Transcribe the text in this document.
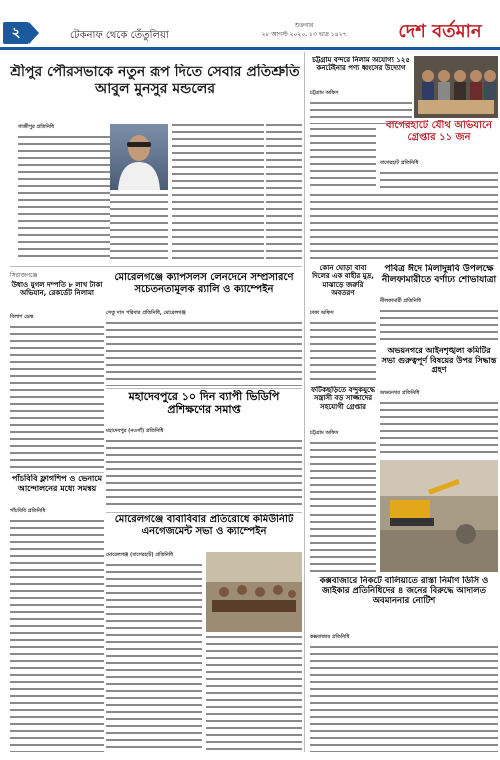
২	টেকনাফ থেকে তেঁতুলিয়া
শুক্রবার
২৮ আগস্ট ২০২০, ১৩ ভাদ্র ১৪২৭	দেশ বর্তমান
শ্রীপুর পৌরসভাকে নতুন রূপ দিতে সেবার প্রতিশ্রুতি আবুল মুনসুর মন্ডলের
গাজীপুর প্রতিনিধি
চট্টগ্রাম বন্দরে নিলাম অযোগ্য ১২৫ কনটেইনার পণ্য ধ্বংসের উদ্যোগ
চট্টগ্রাম অফিস
বাগেরহাটে যৌথ অভিযানে গ্রেপ্তার ১১ জন
বাগেরহাট প্রতিনিধি
সিরাজগঞ্জে
উধাও যুগল দম্পতি ৮ লাখ টাকা অভিযান, রেকর্ডেট নিলামা
বিলাশ ডেস্ক
মোরেলগঞ্জে ক্যাপসলস লেনদেনে সম্প্রসারণে সচেতনতামূলক র‌্যালি ও ক্যাম্পেইন
সেতু দাস পরিবার প্রতিনিধি, মোরেলগঞ্জ
কোন ঘোড়া বাবা দিলের এক বাহীর মুদ্র, মাঝাড়ে জরুরি অবতরণ
ঢাকা অফিস
পবিত্র ঈদে মিলাদুন্নবি উপলক্ষে নীলফামারীতে বর্ণাঢ্য শোভাযাত্রা
নীলফামারী প্রতিনিধি
মহাদেবপুরে ১০ দিন ব্যাপী ভিডিপি প্রশিক্ষণের সমাপ্ত
মহাদেবপুর (নওগাঁ) প্রতিনিধি
অভয়নগরে আইনশৃঙ্খলা কমিটির সভা গুরুত্বপূর্ণ বিষয়ের উপর সিদ্ধান্ত গ্রহণ
অভয়নগর প্রতিনিধি
ফটিকছড়িতে বন্দুকযুদ্ধে সন্ত্রাসী বড় সাজ্জাদের সহযোগী গ্রেপ্তার
চট্টগ্রাম অফিস
পাঁচবিবি ফ্লাগশিপ ও ভেনামে আন্দোলনের মধ্যে সমন্বয়
পাঁচবিবি প্রতিনিধি
মোরেলগঞ্জে বাবাবিবার প্রতিরোধে কমিউনিটি এনগেজমেন্ট সভা ও ক্যাম্পেইন
মোরেলগঞ্জ (বাগেরহাট) প্রতিনিধি
কক্সবাজারে নিকটে বালিয়াতে রাস্তা নির্মাণ ডিসি ও জাইকার প্রতিনিধিদের ৪ জনের বিরুদ্ধে আদালত অবমাননার নোটিশ
কক্সবাজার প্রতিনিধি
